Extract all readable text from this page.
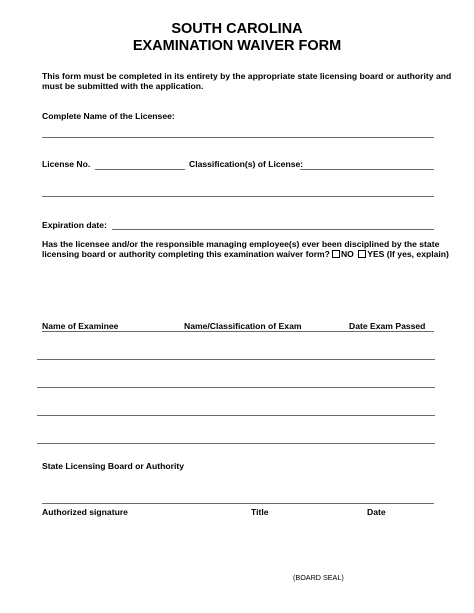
SOUTH CAROLINA
EXAMINATION WAIVER FORM
This form must be completed in its entirety by the appropriate state licensing board or authority and
must be submitted with the application.
Complete Name of the Licensee:
License No.	Classification(s) of License:
Expiration date:
Has the licensee and/or the responsible managing employee(s) ever been disciplined by the state
licensing board or authority completing this examination waiver form? NO YES (If yes, explain)
Name of Examinee	Name/Classification of Exam	Date Exam Passed
State Licensing Board or Authority
Authorized signature	Title	Date
(BOARD SEAL)
